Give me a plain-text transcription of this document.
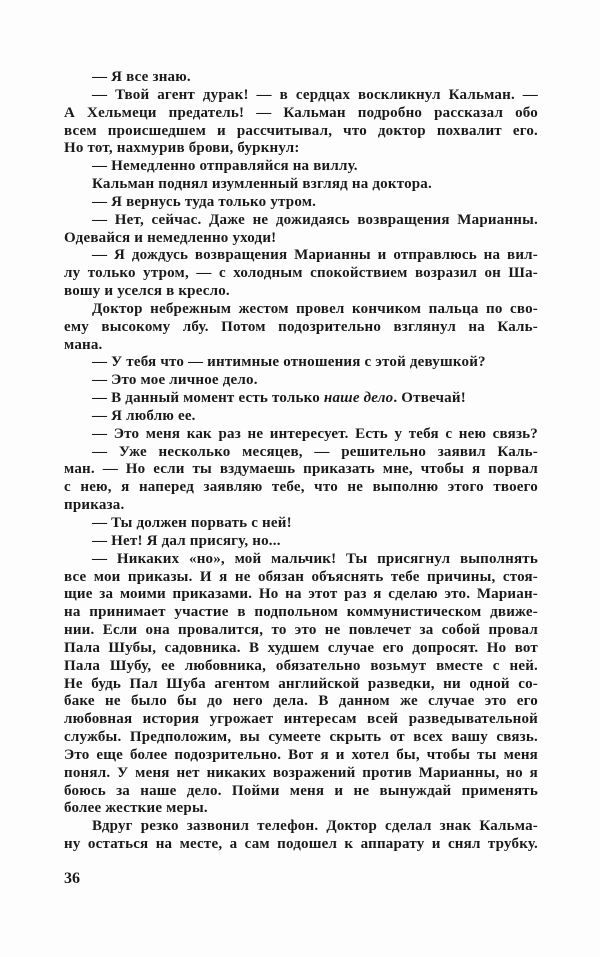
— Я все знаю.
— Твой агент дурак! — в сердцах воскликнул Кальман. —
А Хельмеци предатель! — Кальман подробно рассказал обо
всем происшедшем и рассчитывал, что доктор похвалит его.
Но тот, нахмурив брови, буркнул:
— Немедленно отправляйся на виллу.
Кальман поднял изумленный взгляд на доктора.
— Я вернусь туда только утром.
— Нет, сейчас. Даже не дожидаясь возвращения Марианны.
Одевайся и немедленно уходи!
— Я дождусь возвращения Марианны и отправлюсь на вил-
лу только утром, — с холодным спокойствием возразил он Ша-
вошу и уселся в кресло.
Доктор небрежным жестом провел кончиком пальца по сво-
ему высокому лбу. Потом подозрительно взглянул на Каль-
мана.
— У тебя что — интимные отношения с этой девушкой?
— Это мое личное дело.
— В данный момент есть только наше дело. Отвечай!
— Я люблю ее.
— Это меня как раз не интересует. Есть у тебя с нею связь?
— Уже несколько месяцев, — решительно заявил Каль-
ман. — Но если ты вздумаешь приказать мне, чтобы я порвал
с нею, я наперед заявляю тебе, что не выполню этого твоего
приказа.
— Ты должен порвать с ней!
— Нет! Я дал присягу, но...
— Никаких «но», мой мальчик! Ты присягнул выполнять
все мои приказы. И я не обязан объяснять тебе причины, стоя-
щие за моими приказами. Но на этот раз я сделаю это. Мариан-
на принимает участие в подпольном коммунистическом движе-
нии. Если она провалится, то это не повлечет за собой провал
Пала Шубы, садовника. В худшем случае его допросят. Но вот
Пала Шубу, ее любовника, обязательно возьмут вместе с ней.
Не будь Пал Шуба агентом английской разведки, ни одной со-
баке не было бы до него дела. В данном же случае это его
любовная история угрожает интересам всей разведывательной
службы. Предположим, вы сумеете скрыть от всех вашу связь.
Это еще более подозрительно. Вот я и хотел бы, чтобы ты меня
понял. У меня нет никаких возражений против Марианны, но я
боюсь за наше дело. Пойми меня и не вынуждай применять
более жесткие меры.
Вдруг резко зазвонил телефон. Доктор сделал знак Кальма-
ну остаться на месте, а сам подошел к аппарату и снял трубку.
36
